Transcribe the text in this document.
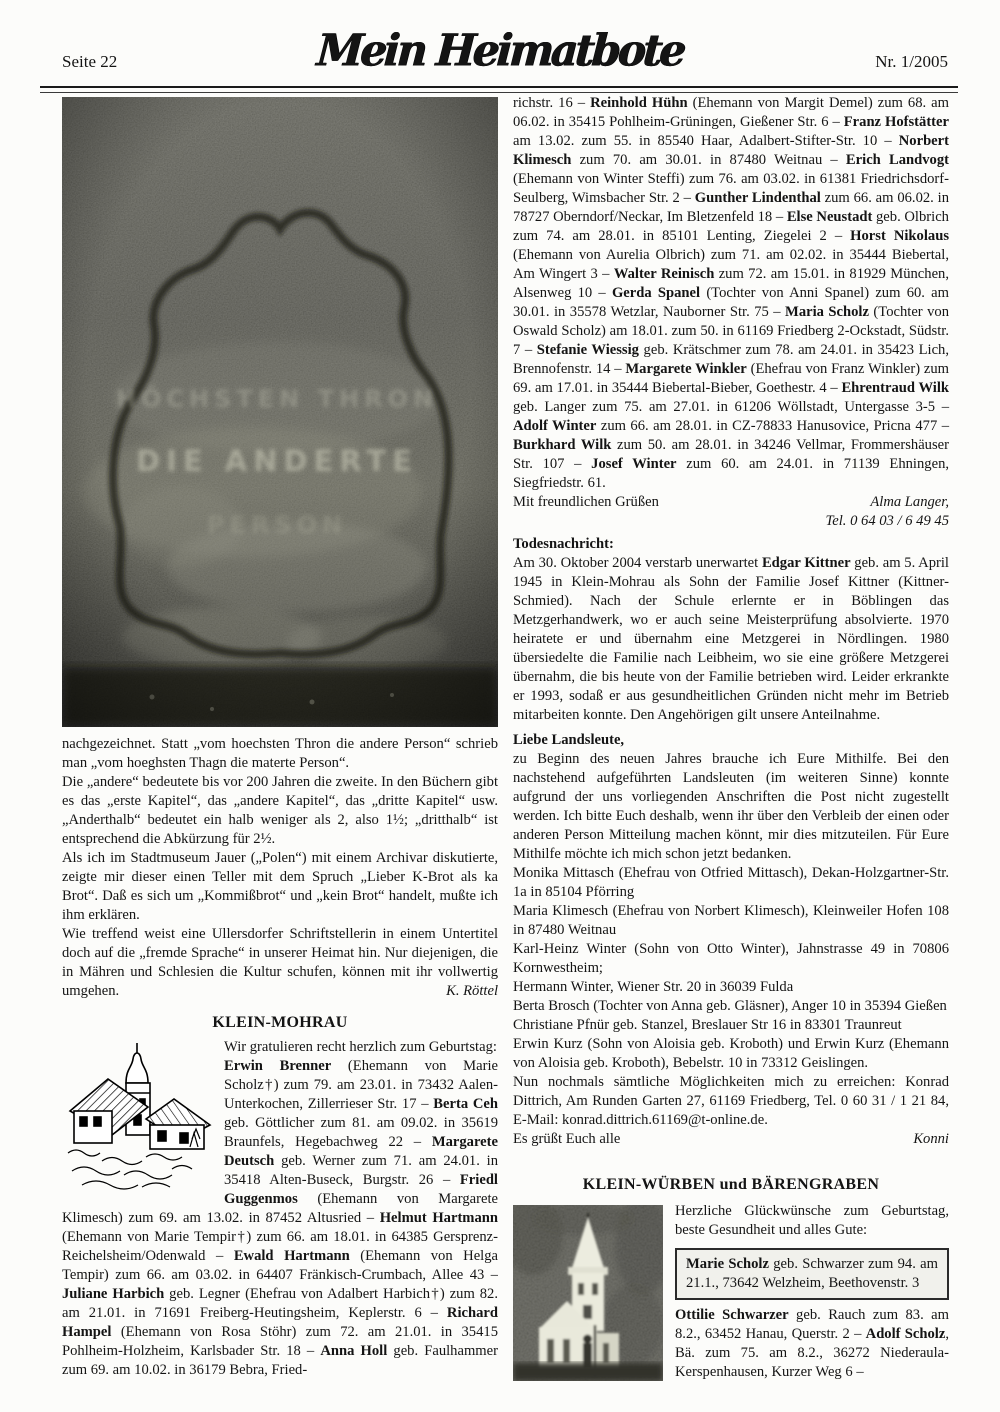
Seite 22	Mein Heimatbote	Nr. 1/2005

nachgezeichnet. Statt „vom hoechsten Thron die andere Person“ schrieb man „vom hoeghsten Thagn die materte Person“.

Die „andere“ bedeutete bis vor 200 Jahren die zweite. In den Büchern gibt es das „erste Kapitel“, das „andere Kapitel“, das „dritte Kapitel“ usw. „Anderthalb“ bedeutet ein halb weniger als 2, also 1½; „dritthalb“ ist entsprechend die Abkürzung für 2½.

Als ich im Stadtmuseum Jauer („Polen“) mit einem Archivar diskutierte, zeigte mir dieser einen Teller mit dem Spruch „Lieber K-Brot als ka Brot“. Daß es sich um „Kommißbrot“ und „kein Brot“ handelt, mußte ich ihm erklären.

Wie treffend weist eine Ullersdorfer Schriftstellerin in einem Untertitel doch auf die „fremde Sprache“ in unserer Heimat hin. Nur diejenigen, die in Mähren und Schlesien die Kultur schufen, können mit ihr vollwertig umgehen.	K. Röttel
KLEIN-MOHRAU

Wir gratulieren recht herzlich zum Geburtstag:

Erwin Brenner (Ehemann von Marie Scholz†) zum 79. am 23.01. in 73432 Aalen-Unterkochen, Zillerrieser Str. 17 – Berta Ceh geb. Göttlicher zum 81. am 09.02. in 35619 Braunfels, Hegebachweg 22 – Margarete Deutsch geb. Werner zum 71. am 24.01. in 35418 Alten-Buseck, Burgstr. 26 – Friedl Guggenmos (Ehemann von Margarete Klimesch) zum 69. am 13.02. in 87452 Altusried – Helmut Hartmann (Ehemann von Marie Tempir†) zum 66. am 18.01. in 64385 Gersprenz-Reichelsheim/Odenwald – Ewald Hartmann (Ehemann von Helga Tempir) zum 66. am 03.02. in 64407 Fränkisch-Crumbach, Allee 43 – Juliane Harbich geb. Legner (Ehefrau von Adalbert Harbich†) zum 82. am 21.01. in 71691 Freiberg-Heutingsheim, Keplerstr. 6 – Richard Hampel (Ehemann von Rosa Stöhr) zum 72. am 21.01. in 35415 Pohlheim-Holzheim, Karlsbader Str. 18 – Anna Holl geb. Faulhammer zum 69. am 10.02. in 36179 Bebra, Fried-

richstr. 16 – Reinhold Hühn (Ehemann von Margit Demel) zum 68. am 06.02. in 35415 Pohlheim-Grüningen, Gießener Str. 6 – Franz Hofstätter am 13.02. zum 55. in 85540 Haar, Adalbert-Stifter-Str. 10 – Norbert Klimesch zum 70. am 30.01. in 87480 Weitnau – Erich Landvogt (Ehemann von Winter Steffi) zum 76. am 03.02. in 61381 Friedrichsdorf-Seulberg, Wimsbacher Str. 2 – Gunther Lindenthal zum 66. am 06.02. in 78727 Oberndorf/Neckar, Im Bletzenfeld 18 – Else Neustadt geb. Olbrich zum 74. am 28.01. in 85101 Lenting, Ziegelei 2 – Horst Nikolaus (Ehemann von Aurelia Olbrich) zum 71. am 02.02. in 35444 Biebertal, Am Wingert 3 – Walter Reinisch zum 72. am 15.01. in 81929 München, Alsenweg 10 – Gerda Spanel (Tochter von Anni Spanel) zum 60. am 30.01. in 35578 Wetzlar, Nauborner Str. 75 – Maria Scholz (Tochter von Oswald Scholz) am 18.01. zum 50. in 61169 Friedberg 2-Ockstadt, Südstr. 7 – Stefanie Wiessig geb. Krätschmer zum 78. am 24.01. in 35423 Lich, Brennofenstr. 14 – Margarete Winkler (Ehefrau von Franz Winkler) zum 69. am 17.01. in 35444 Biebertal-Bieber, Goethestr. 4 – Ehrentraud Wilk geb. Langer zum 75. am 27.01. in 61206 Wöllstadt, Untergasse 3-5 – Adolf Winter zum 66. am 28.01. in CZ-78833 Hanusovice, Pricna 477 – Burkhard Wilk zum 50. am 28.01. in 34246 Vellmar, Frommershäuser Str. 107 – Josef Winter zum 60. am 24.01. in 71139 Ehningen, Siegfriedstr. 61.

Mit freundlichen Grüßen	Alma Langer,
Tel. 0 64 03 / 6 49 45

Todesnachricht:

Am 30. Oktober 2004 verstarb unerwartet Edgar Kittner geb. am 5. April 1945 in Klein-Mohrau als Sohn der Familie Josef Kittner (Kittner-Schmied). Nach der Schule erlernte er in Böblingen das Metzgerhandwerk, wo er auch seine Meisterprüfung absolvierte. 1970 heiratete er und übernahm eine Metzgerei in Nördlingen. 1980 übersiedelte die Familie nach Leibheim, wo sie eine größere Metzgerei übernahm, die bis heute von der Familie betrieben wird. Leider erkrankte er 1993, sodaß er aus gesundheitlichen Gründen nicht mehr im Betrieb mitarbeiten konnte. Den Angehörigen gilt unsere Anteilnahme.

Liebe Landsleute,

zu Beginn des neuen Jahres brauche ich Eure Mithilfe. Bei den nachstehend aufgeführten Landsleuten (im weiteren Sinne) konnte aufgrund der uns vorliegenden Anschriften die Post nicht zugestellt werden. Ich bitte Euch deshalb, wenn ihr über den Verbleib der einen oder anderen Person Mitteilung machen könnt, mir dies mitzuteilen. Für Eure Mithilfe möchte ich mich schon jetzt bedanken.

Monika Mittasch (Ehefrau von Otfried Mittasch), Dekan-Holzgartner-Str. 1a in 85104 Pförring

Maria Klimesch (Ehefrau von Norbert Klimesch), Kleinweiler Hofen 108 in 87480 Weitnau

Karl-Heinz Winter (Sohn von Otto Winter), Jahnstrasse 49 in 70806 Kornwestheim;

Hermann Winter, Wiener Str. 20 in 36039 Fulda

Berta Brosch (Tochter von Anna geb. Gläsner), Anger 10 in 35394 Gießen

Christiane Pfnür geb. Stanzel, Breslauer Str 16 in 83301 Traunreut

Erwin Kurz (Sohn von Aloisia geb. Kroboth) und Erwin Kurz (Ehemann von Aloisia geb. Kroboth), Bebelstr. 10 in 73312 Geislingen.

Nun nochmals sämtliche Möglichkeiten mich zu erreichen: Konrad Dittrich, Am Runden Garten 27, 61169 Friedberg, Tel. 0 60 31 / 1 21 84, E-Mail: konrad.dittrich.61169@t-online.de.

Es grüßt Euch alle	Konni
KLEIN-WÜRBEN und BÄRENGRABEN

Herzliche Glückwünsche zum Geburtstag, beste Gesundheit und alles Gute:

Marie Scholz geb. Schwarzer zum 94. am 21.1., 73642 Welzheim, Beethovenstr. 3

Ottilie Schwarzer geb. Rauch zum 83. am 8.2., 63452 Hanau, Querstr. 2 – Adolf Scholz, Bä. zum 75. am 8.2., 36272 Niederaula-Kerspenhausen, Kurzer Weg 6 –
